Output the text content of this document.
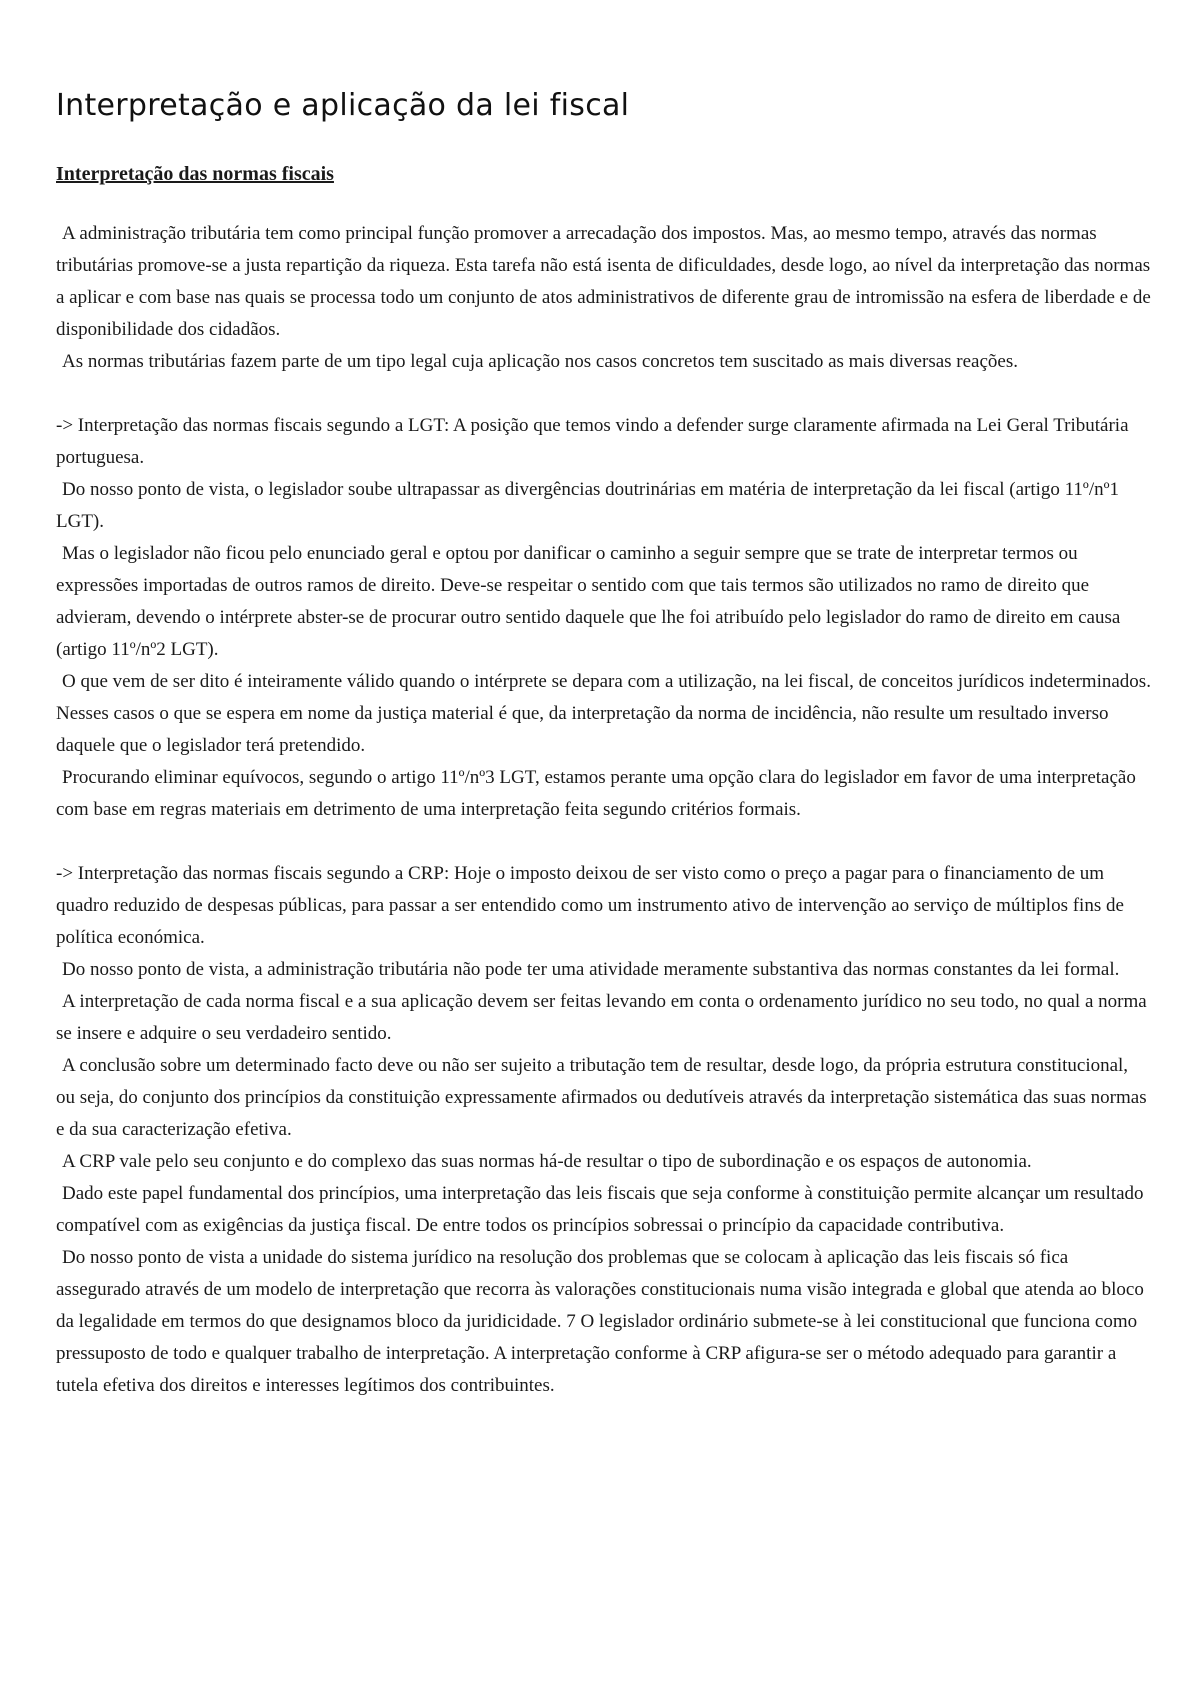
Interpretação e aplicação da lei fiscal
Interpretação das normas fiscais

A administração tributária tem como principal função promover a arrecadação dos impostos. Mas, ao mesmo tempo, através das normas tributárias promove-se a justa repartição da riqueza. Esta tarefa não está isenta de dificuldades, desde logo, ao nível da interpretação das normas a aplicar e com base nas quais se processa todo um conjunto de atos administrativos de diferente grau de intromissão na esfera de liberdade e de disponibilidade dos cidadãos.

As normas tributárias fazem parte de um tipo legal cuja aplicação nos casos concretos tem suscitado as mais diversas reações.

-> Interpretação das normas fiscais segundo a LGT: A posição que temos vindo a defender surge claramente afirmada na Lei Geral Tributária portuguesa.

Do nosso ponto de vista, o legislador soube ultrapassar as divergências doutrinárias em matéria de interpretação da lei fiscal (artigo 11º/nº1 LGT).

Mas o legislador não ficou pelo enunciado geral e optou por danificar o caminho a seguir sempre que se trate de interpretar termos ou expressões importadas de outros ramos de direito. Deve-se respeitar o sentido com que tais termos são utilizados no ramo de direito que advieram, devendo o intérprete abster-se de procurar outro sentido daquele que lhe foi atribuído pelo legislador do ramo de direito em causa (artigo 11º/nº2 LGT).

O que vem de ser dito é inteiramente válido quando o intérprete se depara com a utilização, na lei fiscal, de conceitos jurídicos indeterminados. Nesses casos o que se espera em nome da justiça material é que, da interpretação da norma de incidência, não resulte um resultado inverso daquele que o legislador terá pretendido.

Procurando eliminar equívocos, segundo o artigo 11º/nº3 LGT, estamos perante uma opção clara do legislador em favor de uma interpretação com base em regras materiais em detrimento de uma interpretação feita segundo critérios formais.

-> Interpretação das normas fiscais segundo a CRP: Hoje o imposto deixou de ser visto como o preço a pagar para o financiamento de um quadro reduzido de despesas públicas, para passar a ser entendido como um instrumento ativo de intervenção ao serviço de múltiplos fins de política económica.

Do nosso ponto de vista, a administração tributária não pode ter uma atividade meramente substantiva das normas constantes da lei formal.

A interpretação de cada norma fiscal e a sua aplicação devem ser feitas levando em conta o ordenamento jurídico no seu todo, no qual a norma se insere e adquire o seu verdadeiro sentido.

A conclusão sobre um determinado facto deve ou não ser sujeito a tributação tem de resultar, desde logo, da própria estrutura constitucional, ou seja, do conjunto dos princípios da constituição expressamente afirmados ou dedutíveis através da interpretação sistemática das suas normas e da sua caracterização efetiva.

A CRP vale pelo seu conjunto e do complexo das suas normas há-de resultar o tipo de subordinação e os espaços de autonomia.

Dado este papel fundamental dos princípios, uma interpretação das leis fiscais que seja conforme à constituição permite alcançar um resultado compatível com as exigências da justiça fiscal. De entre todos os princípios sobressai o princípio da capacidade contributiva.

Do nosso ponto de vista a unidade do sistema jurídico na resolução dos problemas que se colocam à aplicação das leis fiscais só fica assegurado através de um modelo de interpretação que recorra às valorações constitucionais numa visão integrada e global que atenda ao bloco da legalidade em termos do que designamos bloco da juridicidade. 7 O legislador ordinário submete-se à lei constitucional que funciona como pressuposto de todo e qualquer trabalho de interpretação. A interpretação conforme à CRP afigura-se ser o método adequado para garantir a tutela efetiva dos direitos e interesses legítimos dos contribuintes.
